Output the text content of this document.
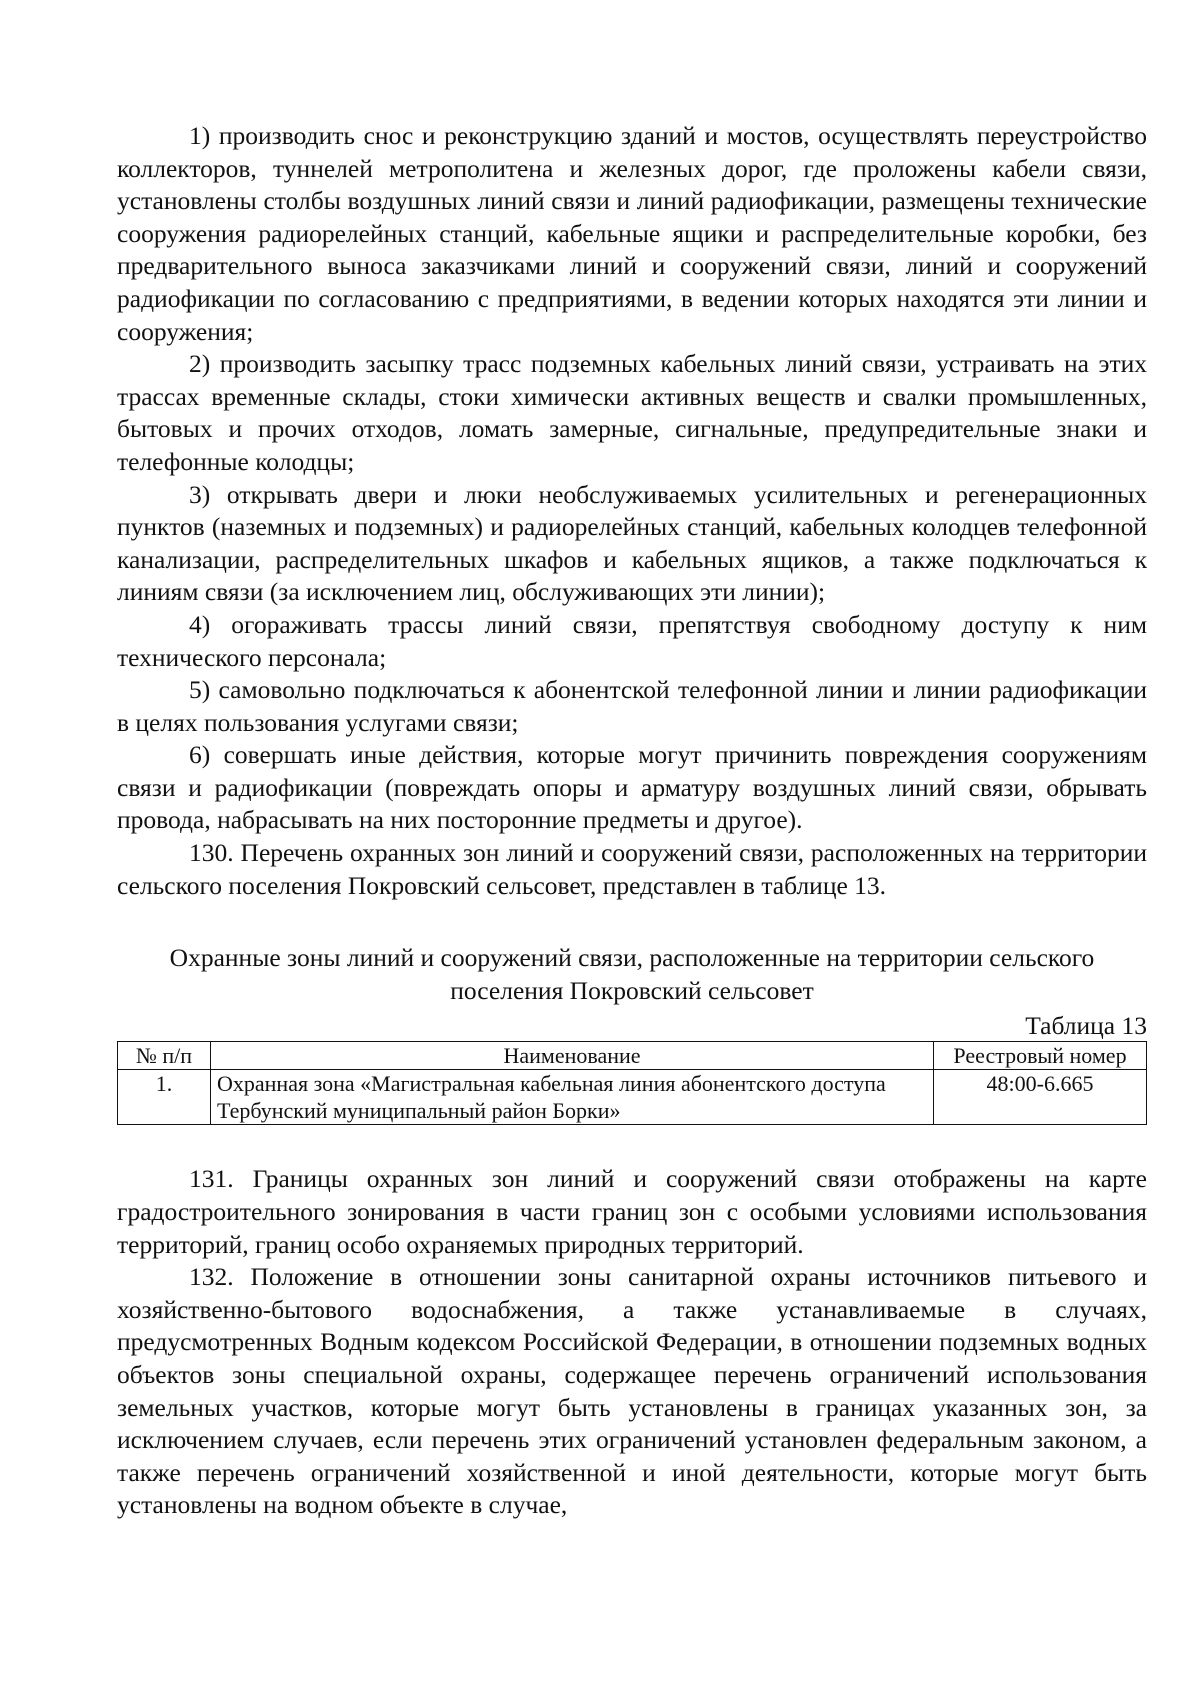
1) производить снос и реконструкцию зданий и мостов, осуществлять переустройство коллекторов, туннелей метрополитена и железных дорог, где проложены кабели связи, установлены столбы воздушных линий связи и линий радиофикации, размещены технические сооружения радиорелейных станций, кабельные ящики и распределительные коробки, без предварительного выноса заказчиками линий и сооружений связи, линий и сооружений радиофикации по согласованию с предприятиями, в ведении которых находятся эти линии и сооружения;

2) производить засыпку трасс подземных кабельных линий связи, устраивать на этих трассах временные склады, стоки химически активных веществ и свалки промышленных, бытовых и прочих отходов, ломать замерные, сигнальные, предупредительные знаки и телефонные колодцы;

3) открывать двери и люки необслуживаемых усилительных и регенерационных пунктов (наземных и подземных) и радиорелейных станций, кабельных колодцев телефонной канализации, распределительных шкафов и кабельных ящиков, а также подключаться к линиям связи (за исключением лиц, обслуживающих эти линии);

4) огораживать трассы линий связи, препятствуя свободному доступу к ним технического персонала;

5) самовольно подключаться к абонентской телефонной линии и линии радиофикации в целях пользования услугами связи;

6) совершать иные действия, которые могут причинить повреждения сооружениям связи и радиофикации (повреждать опоры и арматуру воздушных линий связи, обрывать провода, набрасывать на них посторонние предметы и другое).

130. Перечень охранных зон линий и сооружений связи, расположенных на территории сельского поселения Покровский сельсовет, представлен в таблице 13.

Охранные зоны линий и сооружений связи, расположенные на территории сельского поселения Покровский сельсовет
Таблица 13
№ п/п	Наименование	Реестровый номер
1.	Охранная зона «Магистральная кабельная линия абонентского доступа Тербунский муниципальный район Борки»	48:00-6.665

131. Границы охранных зон линий и сооружений связи отображены на карте градостроительного зонирования в части границ зон с особыми условиями использования территорий, границ особо охраняемых природных территорий.

132. Положение в отношении зоны санитарной охраны источников питьевого и хозяйственно-бытового водоснабжения, а также устанавливаемые в случаях, предусмотренных Водным кодексом Российской Федерации, в отношении подземных водных объектов зоны специальной охраны, содержащее перечень ограничений использования земельных участков, которые могут быть установлены в границах указанных зон, за исключением случаев, если перечень этих ограничений установлен федеральным законом, а также перечень ограничений хозяйственной и иной деятельности, которые могут быть установлены на водном объекте в случае,
